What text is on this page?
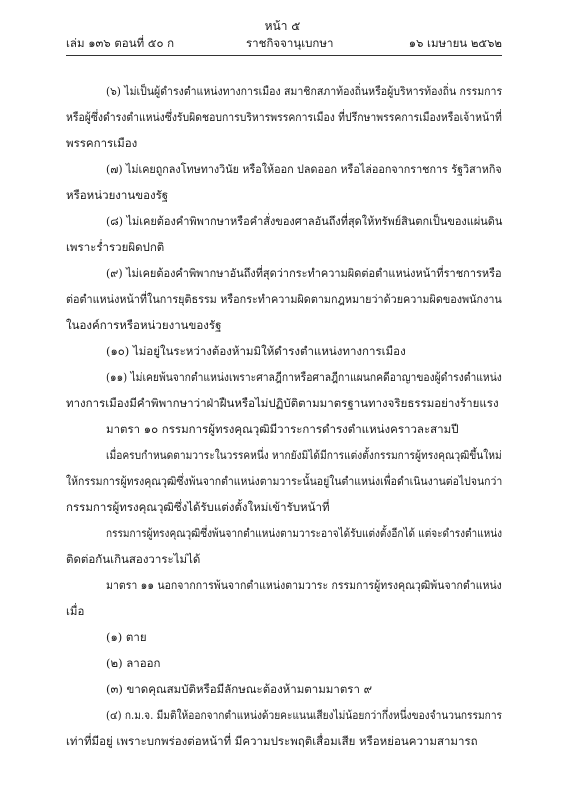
หน้า ๕
เล่ม ๑๓๖ ตอนที่ ๕๐ ก	ราชกิจจานุเบกษา	๑๖ เมษายน ๒๕๖๒
(๖) ไม่เป็นผู้ดำรงตำแหน่งทางการเมือง สมาชิกสภาท้องถิ่นหรือผู้บริหารท้องถิ่น กรรมการ
หรือผู้ซึ่งดำรงตำแหน่งซึ่งรับผิดชอบการบริหารพรรคการเมือง ที่ปรึกษาพรรคการเมืองหรือเจ้าหน้าที่
พรรคการเมือง
(๗) ไม่เคยถูกลงโทษทางวินัย หรือให้ออก ปลดออก หรือไล่ออกจากราชการ รัฐวิสาหกิจ
หรือหน่วยงานของรัฐ
(๘) ไม่เคยต้องคำพิพากษาหรือคำสั่งของศาลอันถึงที่สุดให้ทรัพย์สินตกเป็นของแผ่นดิน
เพราะร่ำรวยผิดปกติ
(๙) ไม่เคยต้องคำพิพากษาอันถึงที่สุดว่ากระทำความผิดต่อตำแหน่งหน้าที่ราชการหรือ
ต่อตำแหน่งหน้าที่ในการยุติธรรม หรือกระทำความผิดตามกฎหมายว่าด้วยความผิดของพนักงาน
ในองค์การหรือหน่วยงานของรัฐ
(๑๐) ไม่อยู่ในระหว่างต้องห้ามมิให้ดำรงตำแหน่งทางการเมือง
(๑๑) ไม่เคยพ้นจากตำแหน่งเพราะศาลฎีกาหรือศาลฎีกาแผนกคดีอาญาของผู้ดำรงตำแหน่ง
ทางการเมืองมีคำพิพากษาว่าฝ่าฝืนหรือไม่ปฏิบัติตามมาตรฐานทางจริยธรรมอย่างร้ายแรง
มาตรา ๑๐ กรรมการผู้ทรงคุณวุฒิมีวาระการดำรงตำแหน่งคราวละสามปี
เมื่อครบกำหนดตามวาระในวรรคหนึ่ง หากยังมิได้มีการแต่งตั้งกรรมการผู้ทรงคุณวุฒิขึ้นใหม่
ให้กรรมการผู้ทรงคุณวุฒิซึ่งพ้นจากตำแหน่งตามวาระนั้นอยู่ในตำแหน่งเพื่อดำเนินงานต่อไปจนกว่า
กรรมการผู้ทรงคุณวุฒิซึ่งได้รับแต่งตั้งใหม่เข้ารับหน้าที่
กรรมการผู้ทรงคุณวุฒิซึ่งพ้นจากตำแหน่งตามวาระอาจได้รับแต่งตั้งอีกได้ แต่จะดำรงตำแหน่ง
ติดต่อกันเกินสองวาระไม่ได้
มาตรา ๑๑ นอกจากการพ้นจากตำแหน่งตามวาระ กรรมการผู้ทรงคุณวุฒิพ้นจากตำแหน่ง
เมื่อ
(๑) ตาย
(๒) ลาออก
(๓) ขาดคุณสมบัติหรือมีลักษณะต้องห้ามตามมาตรา ๙
(๔) ก.ม.จ. มีมติให้ออกจากตำแหน่งด้วยคะแนนเสียงไม่น้อยกว่ากึ่งหนึ่งของจำนวนกรรมการ
เท่าที่มีอยู่ เพราะบกพร่องต่อหน้าที่ มีความประพฤติเสื่อมเสีย หรือหย่อนความสามารถ
